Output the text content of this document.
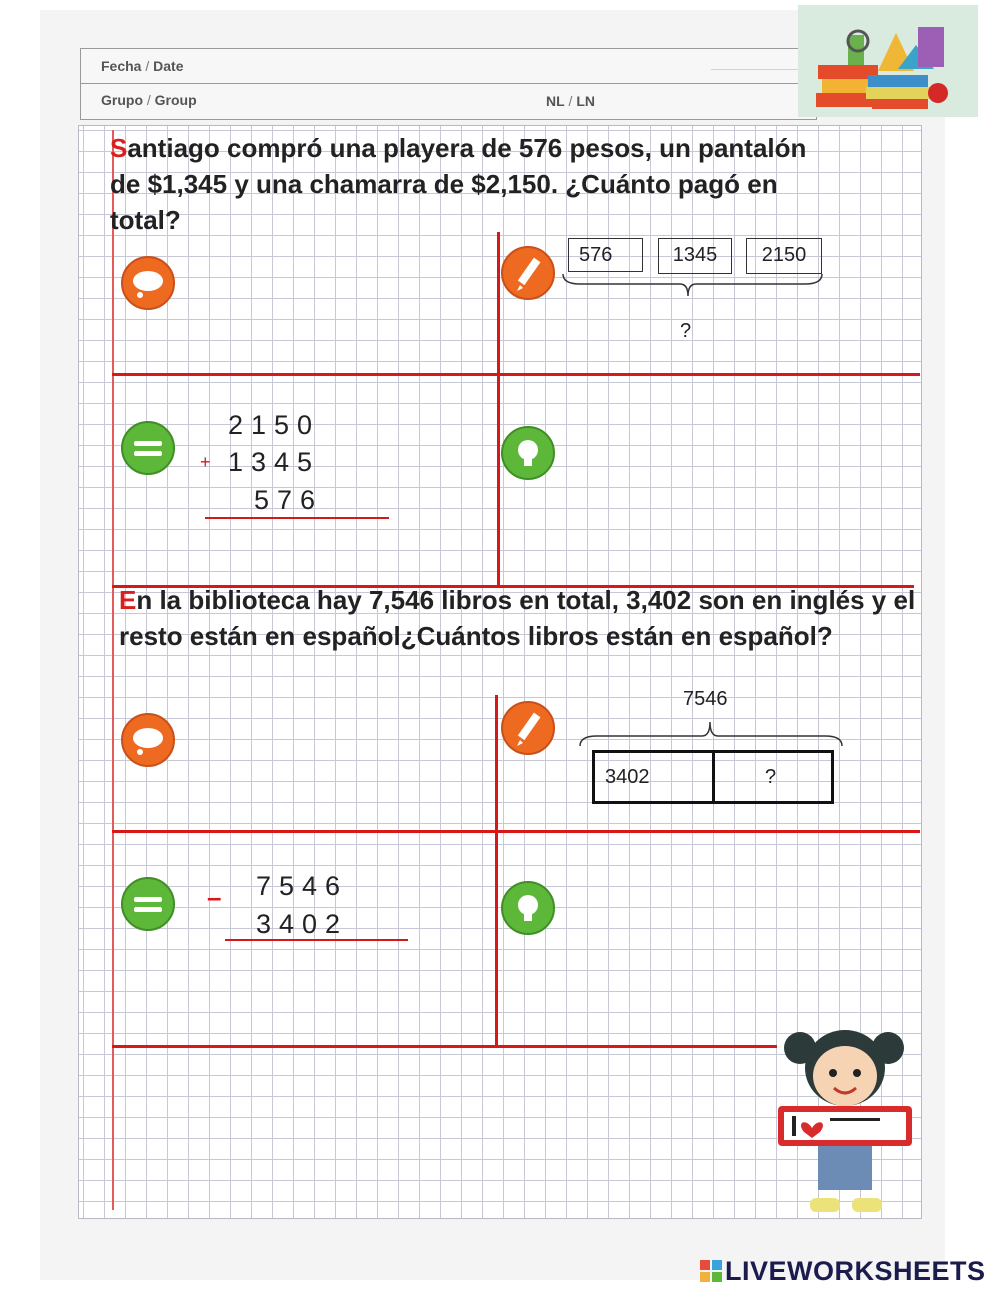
Fecha / Date
Grupo / Group	NL / LN
Santiago compró una playera de 576 pesos, un pantalón de $1,345 y una chamarra de $2,150. ¿Cuánto pagó en total?
576	1345	2150
?
2150
+ 1345
576
En la biblioteca hay 7,546 libros en total, 3,402 son en inglés y el resto están en español¿Cuántos libros están en español?
7546
3402	?
– 7546
3402
LIVEWORKSHEETS
